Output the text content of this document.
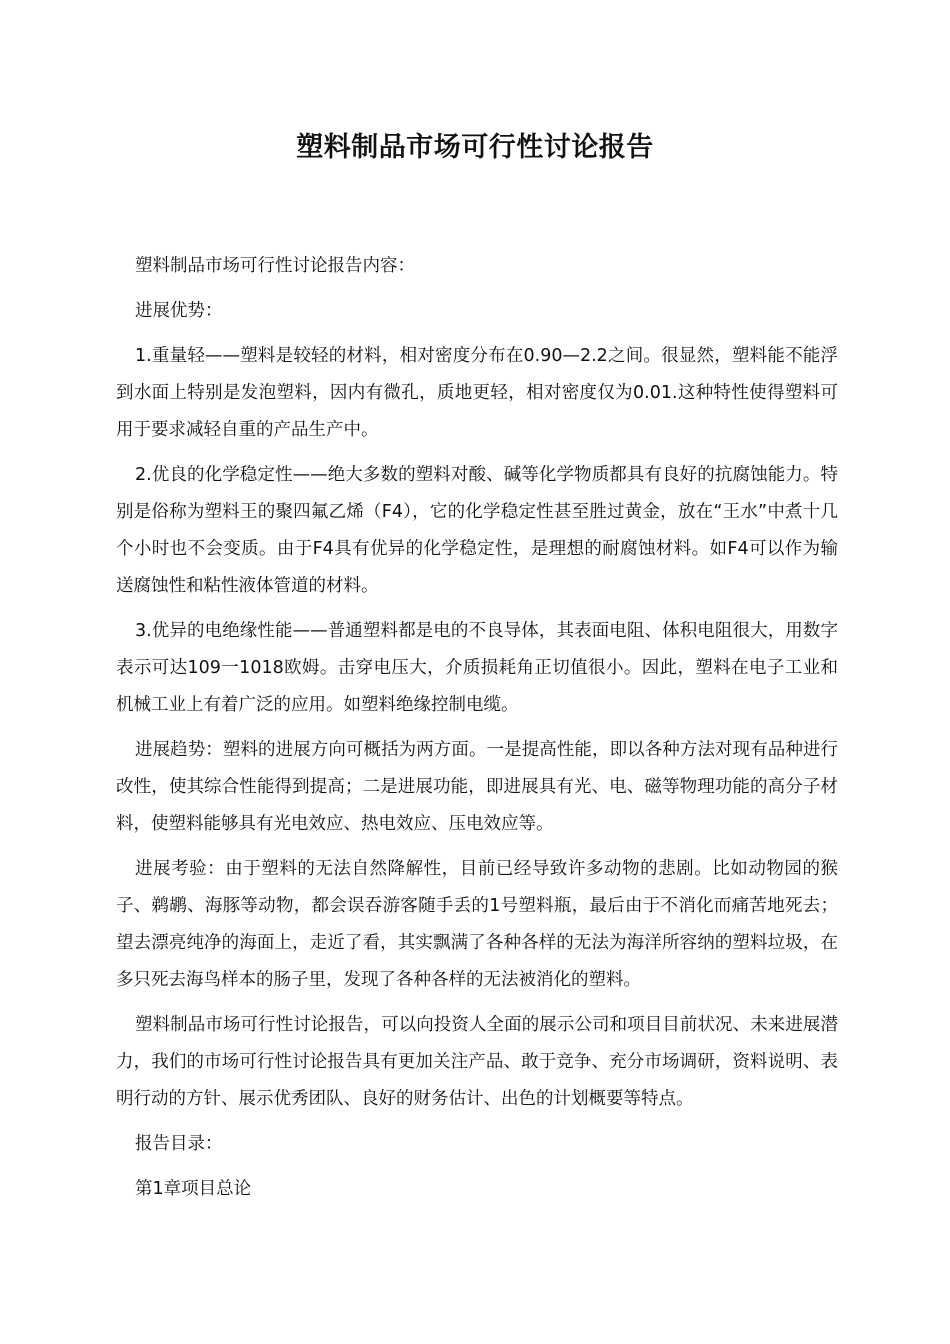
塑料制品市场可行性讨论报告

塑料制品市场可行性讨论报告内容：

进展优势：

1.重量轻——塑料是较轻的材料，相对密度分布在0.90—2.2之间。很显然，塑料能不能浮到水面上特别是发泡塑料，因内有微孔，质地更轻，相对密度仅为0.01.这种特性使得塑料可用于要求减轻自重的产品生产中。

2.优良的化学稳定性——绝大多数的塑料对酸、碱等化学物质都具有良好的抗腐蚀能力。特别是俗称为塑料王的聚四氟乙烯（F4），它的化学稳定性甚至胜过黄金，放在“王水”中煮十几个小时也不会变质。由于F4具有优异的化学稳定性，是理想的耐腐蚀材料。如F4可以作为输送腐蚀性和粘性液体管道的材料。

3.优异的电绝缘性能——普通塑料都是电的不良导体，其表面电阻、体积电阻很大，用数字表示可达109一1018欧姆。击穿电压大，介质损耗角正切值很小。因此，塑料在电子工业和机械工业上有着广泛的应用。如塑料绝缘控制电缆。

进展趋势：塑料的进展方向可概括为两方面。一是提高性能，即以各种方法对现有品种进行改性，使其综合性能得到提高；二是进展功能，即进展具有光、电、磁等物理功能的高分子材料，使塑料能够具有光电效应、热电效应、压电效应等。

进展考验：由于塑料的无法自然降解性，目前已经导致许多动物的悲剧。比如动物园的猴子、鹈鹕、海豚等动物，都会误吞游客随手丢的1号塑料瓶，最后由于不消化而痛苦地死去；望去漂亮纯净的海面上，走近了看，其实飘满了各种各样的无法为海洋所容纳的塑料垃圾，在多只死去海鸟样本的肠子里，发现了各种各样的无法被消化的塑料。

塑料制品市场可行性讨论报告，可以向投资人全面的展示公司和项目目前状况、未来进展潜力，我们的市场可行性讨论报告具有更加关注产品、敢于竞争、充分市场调研，资料说明、表明行动的方针、展示优秀团队、良好的财务估计、出色的计划概要等特点。

报告目录：

第1章项目总论
